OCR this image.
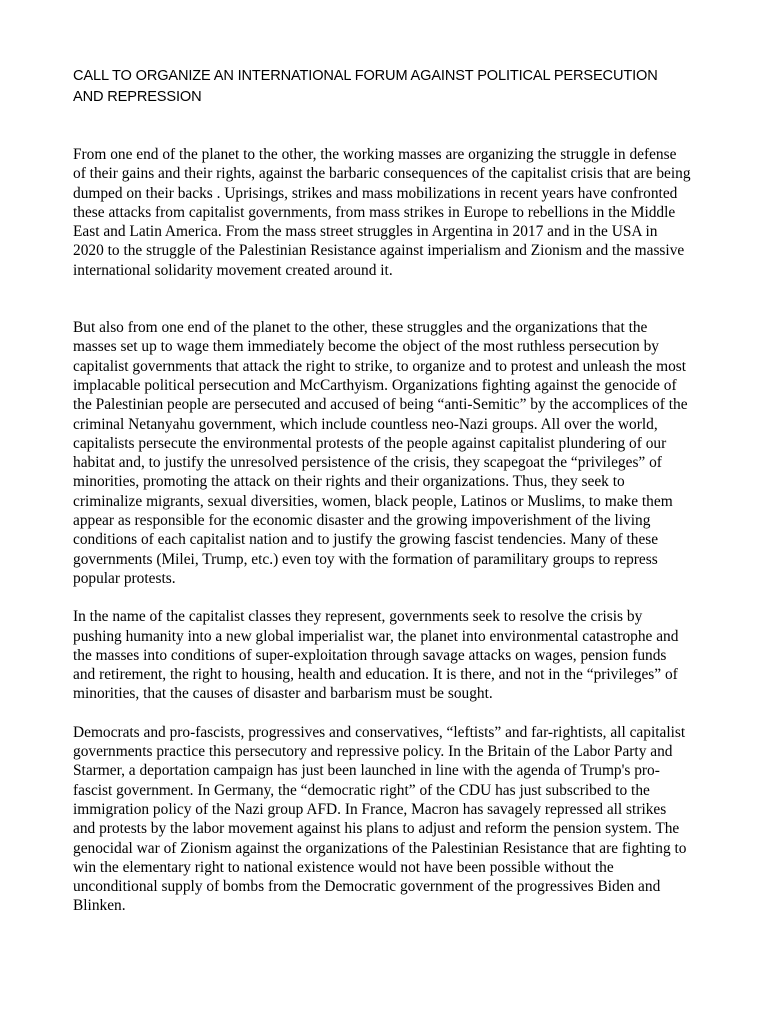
CALL TO ORGANIZE AN INTERNATIONAL FORUM AGAINST POLITICAL PERSECUTION
AND REPRESSION

From one end of the planet to the other, the working masses are organizing the struggle in defense
of their gains and their rights, against the barbaric consequences of the capitalist crisis that are being
dumped on their backs . Uprisings, strikes and mass mobilizations in recent years have confronted
these attacks from capitalist governments, from mass strikes in Europe to rebellions in the Middle
East and Latin America. From the mass street struggles in Argentina in 2017 and in the USA in
2020 to the struggle of the Palestinian Resistance against imperialism and Zionism and the massive
international solidarity movement created around it.

But also from one end of the planet to the other, these struggles and the organizations that the
masses set up to wage them immediately become the object of the most ruthless persecution by
capitalist governments that attack the right to strike, to organize and to protest and unleash the most
implacable political persecution and McCarthyism. Organizations fighting against the genocide of
the Palestinian people are persecuted and accused of being “anti-Semitic” by the accomplices of the
criminal Netanyahu government, which include countless neo-Nazi groups. All over the world,
capitalists persecute the environmental protests of the people against capitalist plundering of our
habitat and, to justify the unresolved persistence of the crisis, they scapegoat the “privileges” of
minorities, promoting the attack on their rights and their organizations. Thus, they seek to
criminalize migrants, sexual diversities, women, black people, Latinos or Muslims, to make them
appear as responsible for the economic disaster and the growing impoverishment of the living
conditions of each capitalist nation and to justify the growing fascist tendencies. Many of these
governments (Milei, Trump, etc.) even toy with the formation of paramilitary groups to repress
popular protests.

In the name of the capitalist classes they represent, governments seek to resolve the crisis by
pushing humanity into a new global imperialist war, the planet into environmental catastrophe and
the masses into conditions of super-exploitation through savage attacks on wages, pension funds
and retirement, the right to housing, health and education. It is there, and not in the “privileges” of
minorities, that the causes of disaster and barbarism must be sought.

Democrats and pro-fascists, progressives and conservatives, “leftists” and far-rightists, all capitalist
governments practice this persecutory and repressive policy. In the Britain of the Labor Party and
Starmer, a deportation campaign has just been launched in line with the agenda of Trump's pro-
fascist government. In Germany, the “democratic right” of the CDU has just subscribed to the
immigration policy of the Nazi group AFD. In France, Macron has savagely repressed all strikes
and protests by the labor movement against his plans to adjust and reform the pension system. The
genocidal war of Zionism against the organizations of the Palestinian Resistance that are fighting to
win the elementary right to national existence would not have been possible without the
unconditional supply of bombs from the Democratic government of the progressives Biden and
Blinken.
